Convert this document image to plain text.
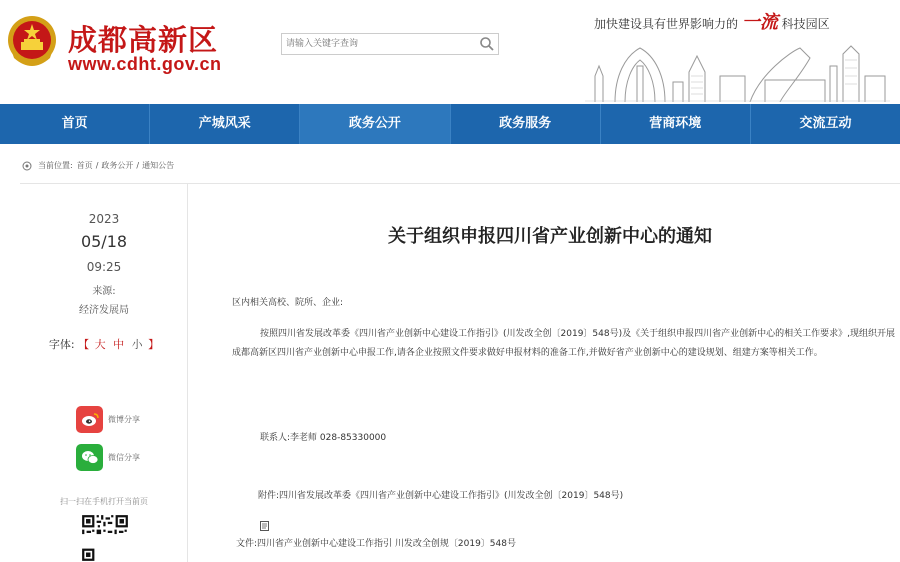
成都高新区
www.cdht.gov.cn
请输入关键字查询
加快建设具有世界影响力的 一流 科技园区
首页	产城风采	政务公开	政务服务	营商环境	交流互动
当前位置: 首页 / 政务公开 / 通知公告
2023
05/18
09:25
来源:
经济发展局
字体: 【 大 中 小 】
微博分享
微信分享
扫一扫在手机打开当前页
关于组织申报四川省产业创新中心的通知
区内相关高校、院所、企业:
按照四川省发展改革委《四川省产业创新中心建设工作指引》(川发改全创〔2019〕548号)及《关于组织申报四川省产业创新中心的相关工作要求》,现组织开展成都高新区四川省产业创新中心申报工作,请各企业按照文件要求做好申报材料的准备工作,并做好省产业创新中心的建设规划、组建方案等相关工作。
联系人:李老师 028-85330000
附件:四川省发展改革委《四川省产业创新中心建设工作指引》(川发改全创〔2019〕548号)
文件:四川省产业创新中心建设工作指引 川发改全创规〔2019〕548号
